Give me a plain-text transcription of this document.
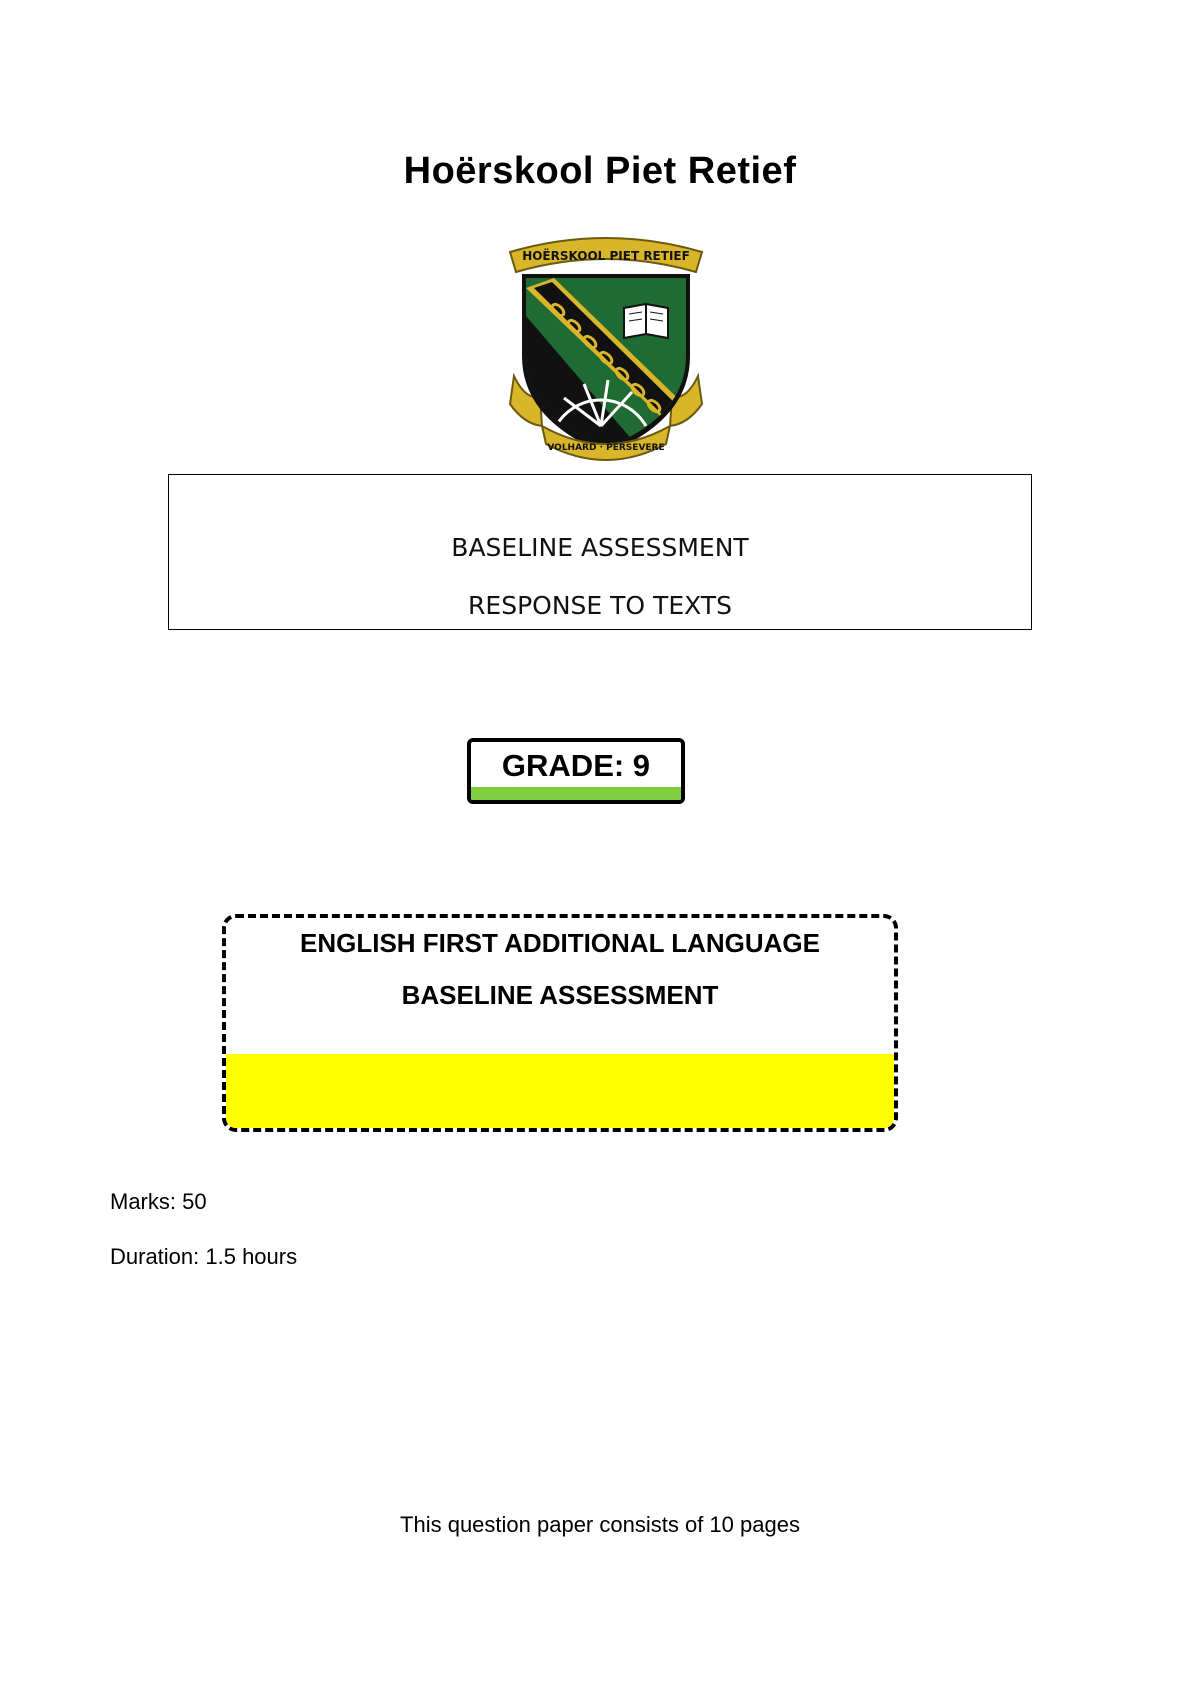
Hoërskool Piet Retief
HOËRSKOOL PIET RETIEF
VOLHARD · PERSEVERE
BASELINE ASSESSMENT
RESPONSE TO TEXTS
GRADE: 9
ENGLISH FIRST ADDITIONAL LANGUAGE
BASELINE ASSESSMENT
Marks: 50
Duration: 1.5 hours
This question paper consists of 10 pages
